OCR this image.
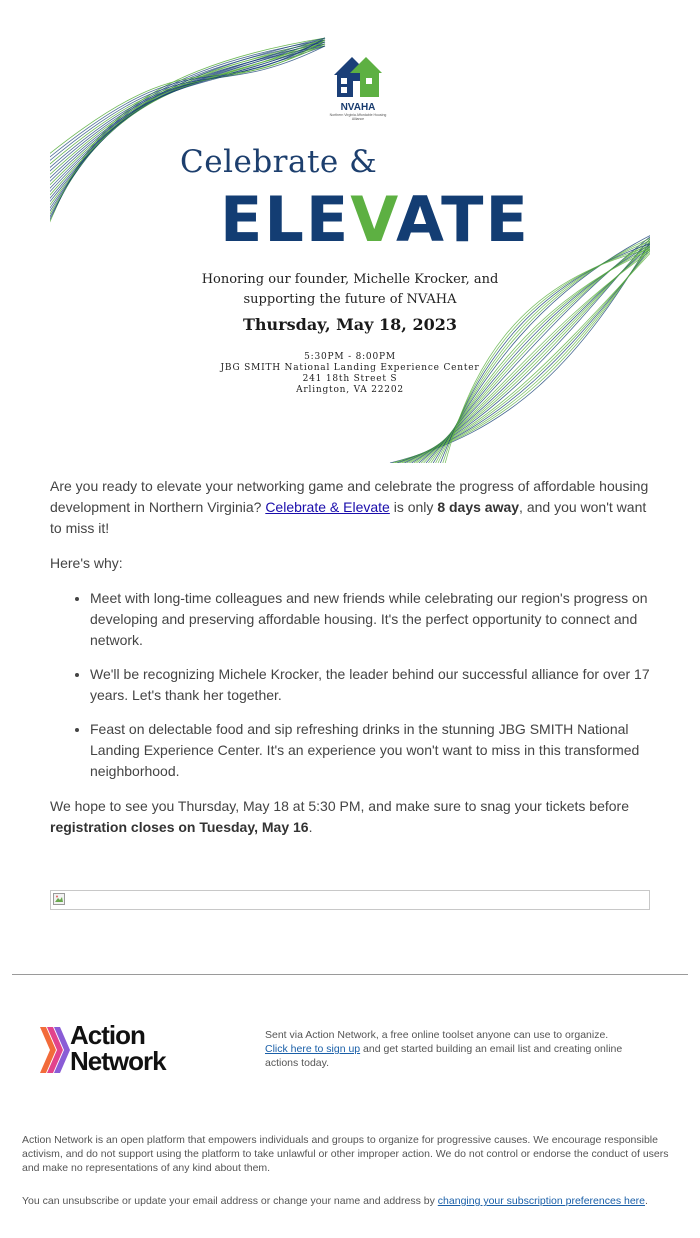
NVAHA
Northern Virginia Affordable Housing Alliance
Celebrate &
ELEVATE
Honoring our founder, Michelle Krocker, and
supporting the future of NVAHA
Thursday, May 18, 2023
5:30PM - 8:00PM
JBG SMITH National Landing Experience Center
241 18th Street S
Arlington, VA 22202

Are you ready to elevate your networking game and celebrate the progress of affordable housing development in Northern Virginia? Celebrate & Elevate is only 8 days away, and you won't want to miss it!

Here's why:

• Meet with long-time colleagues and new friends while celebrating our region's progress on developing and preserving affordable housing. It's the perfect opportunity to connect and network.
• We'll be recognizing Michele Krocker, the leader behind our successful alliance for over 17 years. Let's thank her together.
• Feast on delectable food and sip refreshing drinks in the stunning JBG SMITH National Landing Experience Center. It's an experience you won't want to miss in this transformed neighborhood.

We hope to see you Thursday, May 18 at 5:30 PM, and make sure to snag your tickets before registration closes on Tuesday, May 16.

Action
Network
Sent via Action Network, a free online toolset anyone can use to organize.
Click here to sign up and get started building an email list and creating online actions today.
Action Network is an open platform that empowers individuals and groups to organize for progressive causes. We encourage responsible activism, and do not support using the platform to take unlawful or other improper action. We do not control or endorse the conduct of users and make no representations of any kind about them.
You can unsubscribe or update your email address or change your name and address by changing your subscription preferences here.
